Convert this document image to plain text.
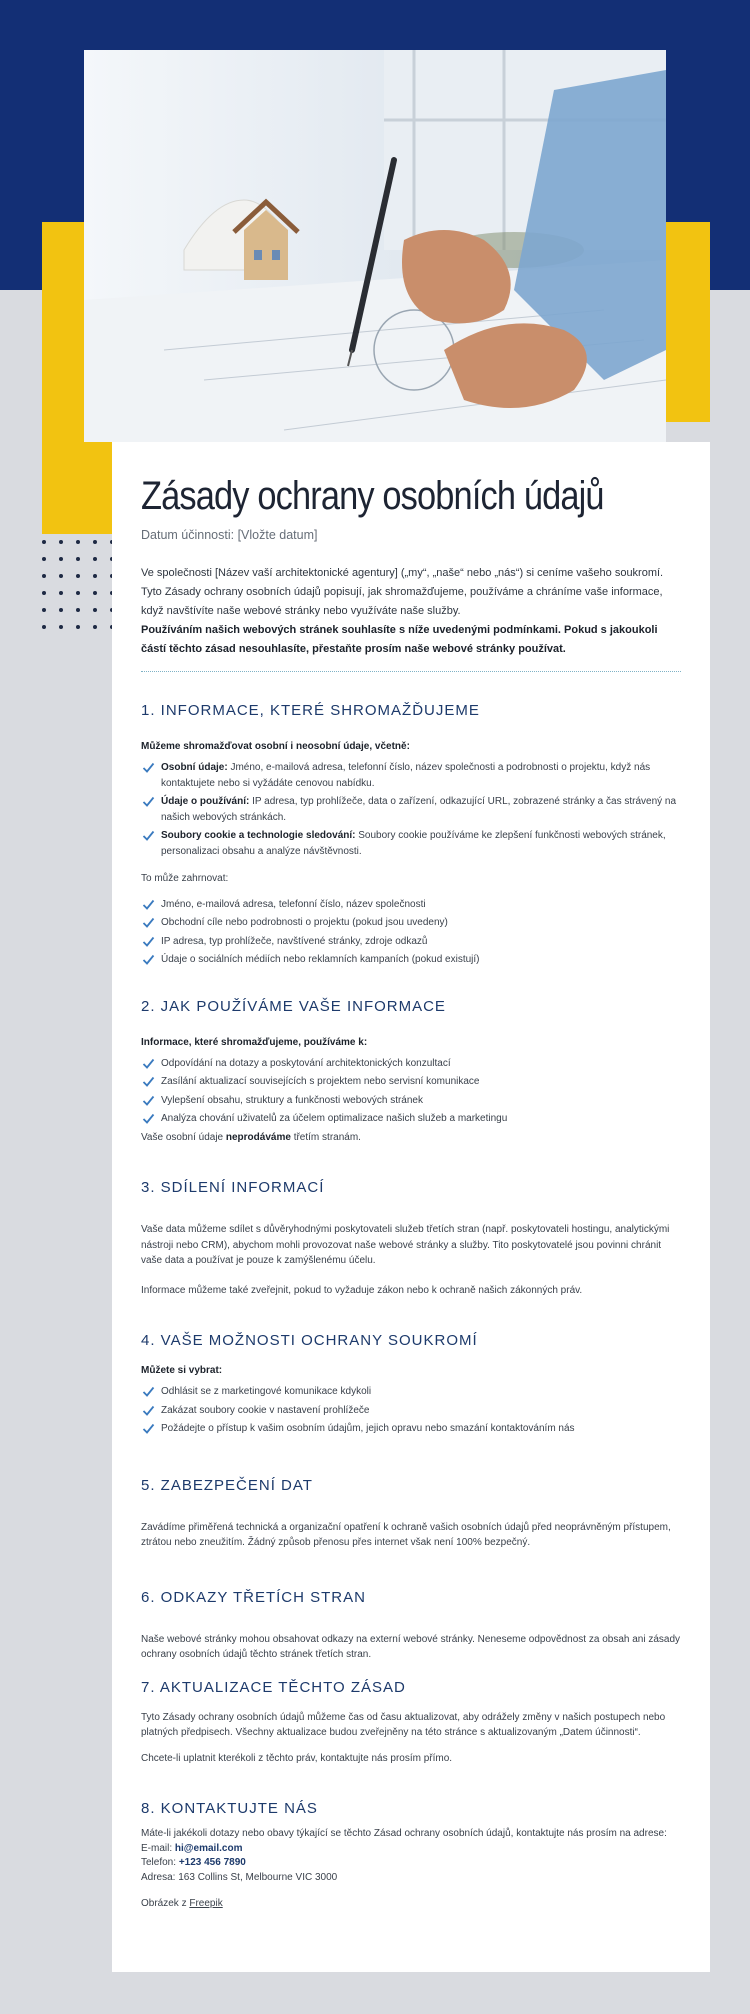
Zásady ochrany osobních údajů
Datum účinnosti: [Vložte datum]
Ve společnosti [Název vaší architektonické agentury] („my“, „naše“ nebo „nás“) si ceníme vašeho soukromí. Tyto Zásady ochrany osobních údajů popisují, jak shromažďujeme, používáme a chráníme vaše informace, když navštívíte naše webové stránky nebo využíváte naše služby.
Používáním našich webových stránek souhlasíte s níže uvedenými podmínkami. Pokud s jakoukoli částí těchto zásad nesouhlasíte, přestaňte prosím naše webové stránky používat.
1. INFORMACE, KTERÉ SHROMAŽĎUJEME
Můžeme shromažďovat osobní i neosobní údaje, včetně:
Osobní údaje: Jméno, e-mailová adresa, telefonní číslo, název společnosti a podrobnosti o projektu, když nás kontaktujete nebo si vyžádáte cenovou nabídku.
Údaje o používání: IP adresa, typ prohlížeče, data o zařízení, odkazující URL, zobrazené stránky a čas strávený na našich webových stránkách.
Soubory cookie a technologie sledování: Soubory cookie používáme ke zlepšení funkčnosti webových stránek, personalizaci obsahu a analýze návštěvnosti.
To může zahrnovat:
Jméno, e-mailová adresa, telefonní číslo, název společnosti
Obchodní cíle nebo podrobnosti o projektu (pokud jsou uvedeny)
IP adresa, typ prohlížeče, navštívené stránky, zdroje odkazů
Údaje o sociálních médiích nebo reklamních kampaních (pokud existují)
2. JAK POUŽÍVÁME VAŠE INFORMACE
Informace, které shromažďujeme, používáme k:
Odpovídání na dotazy a poskytování architektonických konzultací
Zasílání aktualizací souvisejících s projektem nebo servisní komunikace
Vylepšení obsahu, struktury a funkčnosti webových stránek
Analýza chování uživatelů za účelem optimalizace našich služeb a marketingu
Vaše osobní údaje neprodáváme třetím stranám.
3. SDÍLENÍ INFORMACÍ
Vaše data můžeme sdílet s důvěryhodnými poskytovateli služeb třetích stran (např. poskytovateli hostingu, analytickými nástroji nebo CRM), abychom mohli provozovat naše webové stránky a služby. Tito poskytovatelé jsou povinni chránit vaše data a používat je pouze k zamýšlenému účelu.
Informace můžeme také zveřejnit, pokud to vyžaduje zákon nebo k ochraně našich zákonných práv.
4. VAŠE MOŽNOSTI OCHRANY SOUKROMÍ
Můžete si vybrat:
Odhlásit se z marketingové komunikace kdykoli
Zakázat soubory cookie v nastavení prohlížeče
Požádejte o přístup k vašim osobním údajům, jejich opravu nebo smazání kontaktováním nás
5. ZABEZPEČENÍ DAT
Zavádíme přiměřená technická a organizační opatření k ochraně vašich osobních údajů před neoprávněným přístupem, ztrátou nebo zneužitím. Žádný způsob přenosu přes internet však není 100% bezpečný.
6. ODKAZY TŘETÍCH STRAN
Naše webové stránky mohou obsahovat odkazy na externí webové stránky. Neneseme odpovědnost za obsah ani zásady ochrany osobních údajů těchto stránek třetích stran.
7. AKTUALIZACE TĚCHTO ZÁSAD
Tyto Zásady ochrany osobních údajů můžeme čas od času aktualizovat, aby odrážely změny v našich postupech nebo platných předpisech. Všechny aktualizace budou zveřejněny na této stránce s aktualizovaným „Datem účinnosti“.
Chcete-li uplatnit kterékoli z těchto práv, kontaktujte nás prosím přímo.
8. KONTAKTUJTE NÁS
Máte-li jakékoli dotazy nebo obavy týkající se těchto Zásad ochrany osobních údajů, kontaktujte nás prosím na adrese:
E-mail: hi@email.com
Telefon: +123 456 7890
Adresa: 163 Collins St, Melbourne VIC 3000
Obrázek z Freepik
